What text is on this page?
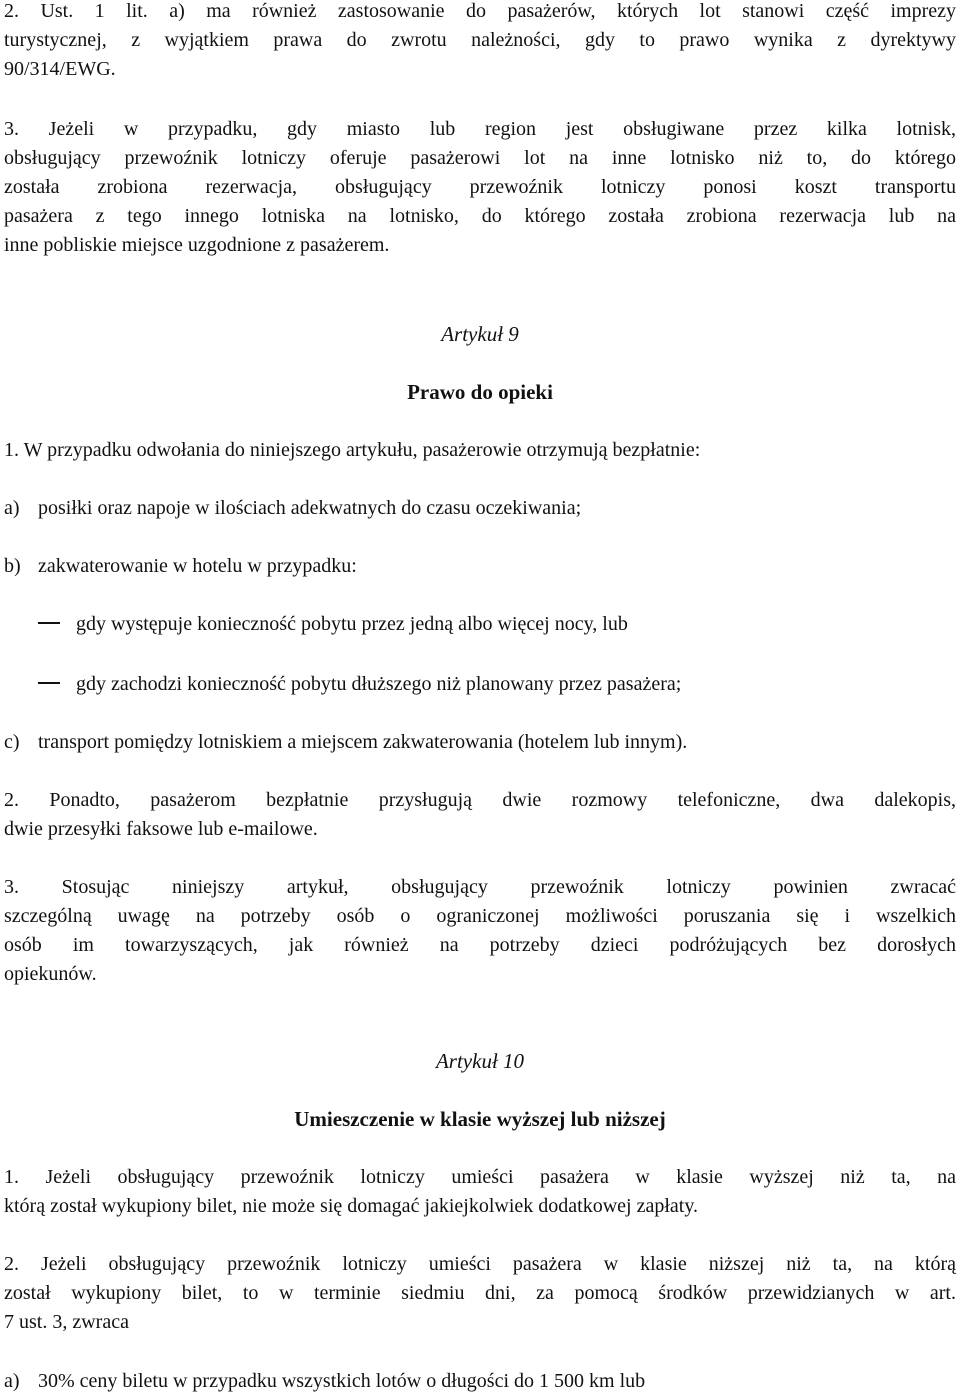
2. Ust. 1 lit. a) ma również zastosowanie do pasażerów, których lot stanowi część imprezy
turystycznej, z wyjątkiem prawa do zwrotu należności, gdy to prawo wynika z dyrektywy
90/314/EWG.
3. Jeżeli w przypadku, gdy miasto lub region jest obsługiwane przez kilka lotnisk,
obsługujący przewoźnik lotniczy oferuje pasażerowi lot na inne lotnisko niż to, do którego
została zrobiona rezerwacja, obsługujący przewoźnik lotniczy ponosi koszt transportu
pasażera z tego innego lotniska na lotnisko, do którego została zrobiona rezerwacja lub na
inne pobliskie miejsce uzgodnione z pasażerem.
Artykuł 9
Prawo do opieki
1. W przypadku odwołania do niniejszego artykułu, pasażerowie otrzymują bezpłatnie:
a) posiłki oraz napoje w ilościach adekwatnych do czasu oczekiwania;
b) zakwaterowanie w hotelu w przypadku:
gdy występuje konieczność pobytu przez jedną albo więcej nocy, lub
gdy zachodzi konieczność pobytu dłuższego niż planowany przez pasażera;
c) transport pomiędzy lotniskiem a miejscem zakwaterowania (hotelem lub innym).
2. Ponadto, pasażerom bezpłatnie przysługują dwie rozmowy telefoniczne, dwa dalekopis,
dwie przesyłki faksowe lub e-mailowe.
3. Stosując niniejszy artykuł, obsługujący przewoźnik lotniczy powinien zwracać
szczególną uwagę na potrzeby osób o ograniczonej możliwości poruszania się i wszelkich
osób im towarzyszących, jak również na potrzeby dzieci podróżujących bez dorosłych
opiekunów.
Artykuł 10
Umieszczenie w klasie wyższej lub niższej
1. Jeżeli obsługujący przewoźnik lotniczy umieści pasażera w klasie wyższej niż ta, na
którą został wykupiony bilet, nie może się domagać jakiejkolwiek dodatkowej zapłaty.
2. Jeżeli obsługujący przewoźnik lotniczy umieści pasażera w klasie niższej niż ta, na którą
został wykupiony bilet, to w terminie siedmiu dni, za pomocą środków przewidzianych w art.
7 ust. 3, zwraca
a) 30% ceny biletu w przypadku wszystkich lotów o długości do 1 500 km lub
